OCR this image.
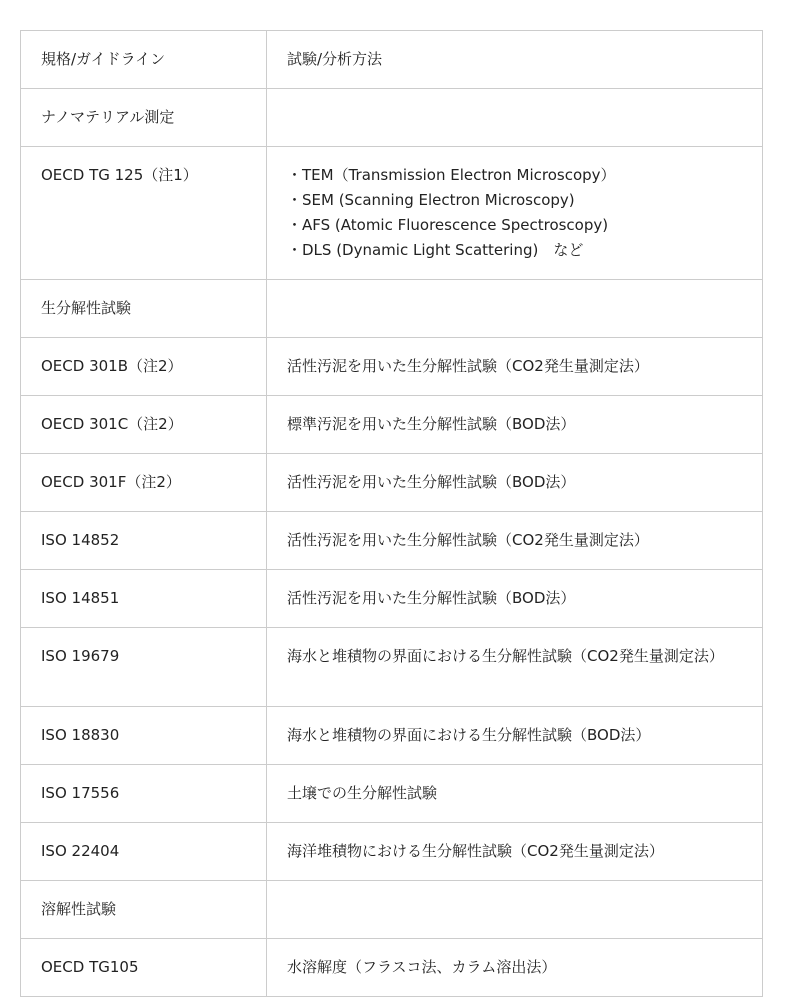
規格/ガイドライン	試験/分析方法
ナノマテリアル測定	
OECD TG 125（注1）	・TEM（Transmission Electron Microscopy）
・SEM (Scanning Electron Microscopy)
・AFS (Atomic Fluorescence Spectroscopy)
・DLS (Dynamic Light Scattering)　など

生分解性試験	
OECD 301B（注2）	活性汚泥を用いた生分解性試験（CO2発生量測定法）
OECD 301C（注2）	標準汚泥を用いた生分解性試験（BOD法）
OECD 301F（注2）	活性汚泥を用いた生分解性試験（BOD法）
ISO 14852	活性汚泥を用いた生分解性試験（CO2発生量測定法）
ISO 14851	活性汚泥を用いた生分解性試験（BOD法）
ISO 19679	海水と堆積物の界面における生分解性試験（CO2発生量測定法）
ISO 18830	海水と堆積物の界面における生分解性試験（BOD法）
ISO 17556	土壌での生分解性試験
ISO 22404	海洋堆積物における生分解性試験（CO2発生量測定法）
溶解性試験	
OECD TG105	水溶解度（フラスコ法、カラム溶出法）
